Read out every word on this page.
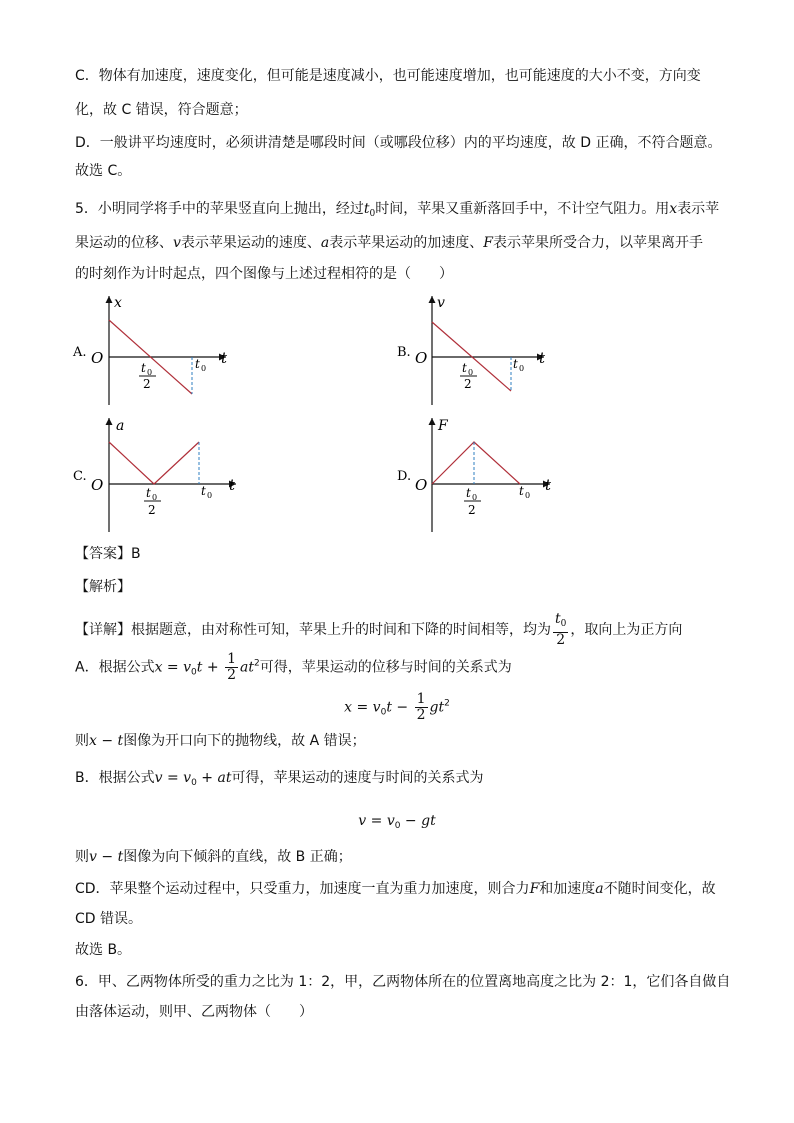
C．物体有加速度，速度变化，但可能是速度减小，也可能速度增加，也可能速度的大小不变，方向变
化，故 C 错误，符合题意；
D．一般讲平均速度时，必须讲清楚是哪段时间（或哪段位移）内的平均速度，故 D 正确，不符合题意。
故选 C。
5．小明同学将手中的苹果竖直向上抛出，经过$t_0$时间，苹果又重新落回手中，不计空气阻力。用x表示苹
果运动的位移、v表示苹果运动的速度、a表示苹果运动的加速度、F表示苹果所受合力，以苹果离开手
的时刻作为计时起点，四个图像与上述过程相符的是（　　）
A.
x
O	t
t 0
2
t 0
B.
v
O	t
t 0
2
t 0
C.
a
O	t
t 0
2
t 0
D.
F
O	t
t 0
2
t 0
【答案】B
【解析】
【详解】根据题意，由对称性可知，苹果上升的时间和下降的时间相等，均为 $\frac{t_0}{2}$ ，取向上为正方向
A．根据公式$x = v_0t + \frac{1}{2} at^2$可得，苹果运动的位移与时间的关系式为
$x = v_0t - \frac{1}{2} gt^2$
则x − t图像为开口向下的抛物线，故 A 错误；
B．根据公式$v = v_0$ + at可得，苹果运动的速度与时间的关系式为
$v = v_0$ − gt
则v − t图像为向下倾斜的直线，故 B 正确；
CD．苹果整个运动过程中，只受重力，加速度一直为重力加速度，则合力F和加速度a不随时间变化，故
CD 错误。
故选 B。
6．甲、乙两物体所受的重力之比为 1：2，甲，乙两物体所在的位置离地高度之比为 2：1，它们各自做自
由落体运动，则甲、乙两物体（　　）
